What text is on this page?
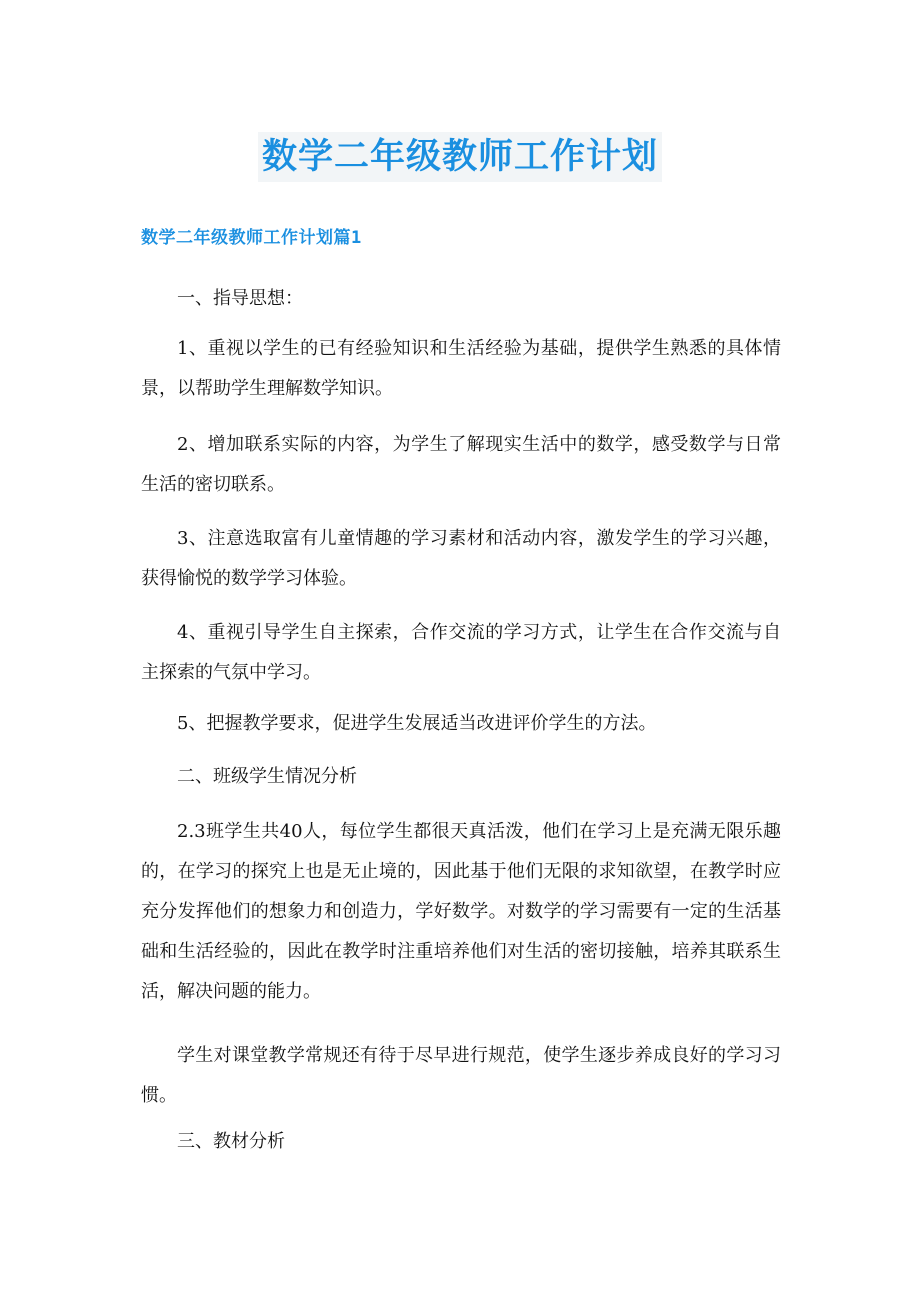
数学二年级教师工作计划
数学二年级教师工作计划篇1

一、指导思想：

1、重视以学生的已有经验知识和生活经验为基础，提供学生熟悉的具体情景，以帮助学生理解数学知识。

2、增加联系实际的内容，为学生了解现实生活中的数学，感受数学与日常生活的密切联系。

3、注意选取富有儿童情趣的学习素材和活动内容，激发学生的学习兴趣，获得愉悦的数学学习体验。

4、重视引导学生自主探索，合作交流的学习方式，让学生在合作交流与自主探索的气氛中学习。

5、把握教学要求，促进学生发展适当改进评价学生的方法。

二、班级学生情况分析

2.3班学生共40人，每位学生都很天真活泼，他们在学习上是充满无限乐趣的，在学习的探究上也是无止境的，因此基于他们无限的求知欲望，在教学时应充分发挥他们的想象力和创造力，学好数学。对数学的学习需要有一定的生活基础和生活经验的，因此在教学时注重培养他们对生活的密切接触，培养其联系生活，解决问题的能力。

学生对课堂教学常规还有待于尽早进行规范，使学生逐步养成良好的学习习惯。

三、教材分析
